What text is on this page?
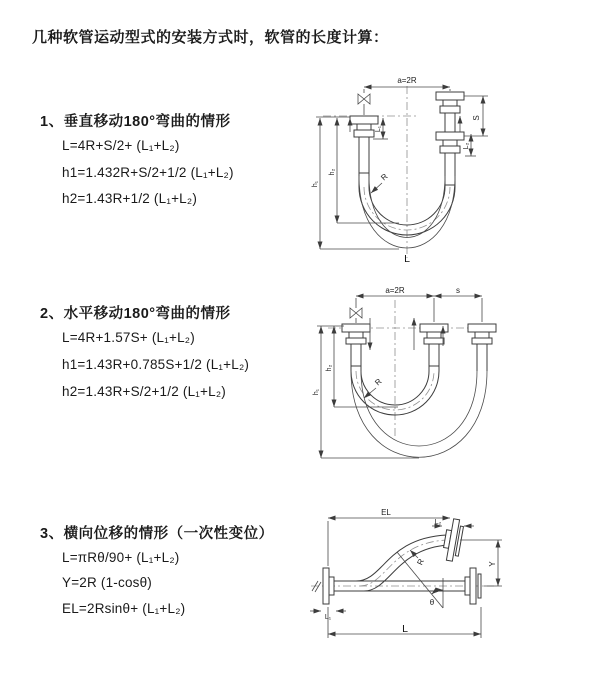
几种软管运动型式的安装方式时，软管的长度计算：
1、垂直移动180°弯曲的情形
L=4R+S/2+ (L₁+L₂)
h1=1.432R+S/2+1/2 (L₁+L₂)
h2=1.43R+1/2 (L₁+L₂)
a=2R
h₁
h₂
L₁
S
L₂
R
L
2、水平移动180°弯曲的情形
L=4R+1.57S+ (L₁+L₂)
h1=1.43R+0.785S+1/2 (L₁+L₂)
h2=1.43R+S/2+1/2 (L₁+L₂)
a=2R	s
h₁
h₂
R
3、横向位移的情形（一次性变位）
L=πRθ/90+ (L₁+L₂)
Y=2R (1-cosθ)
EL=2Rsinθ+ (L₁+L₂)
EL
L₂
Y
L
L₁
R
θ
